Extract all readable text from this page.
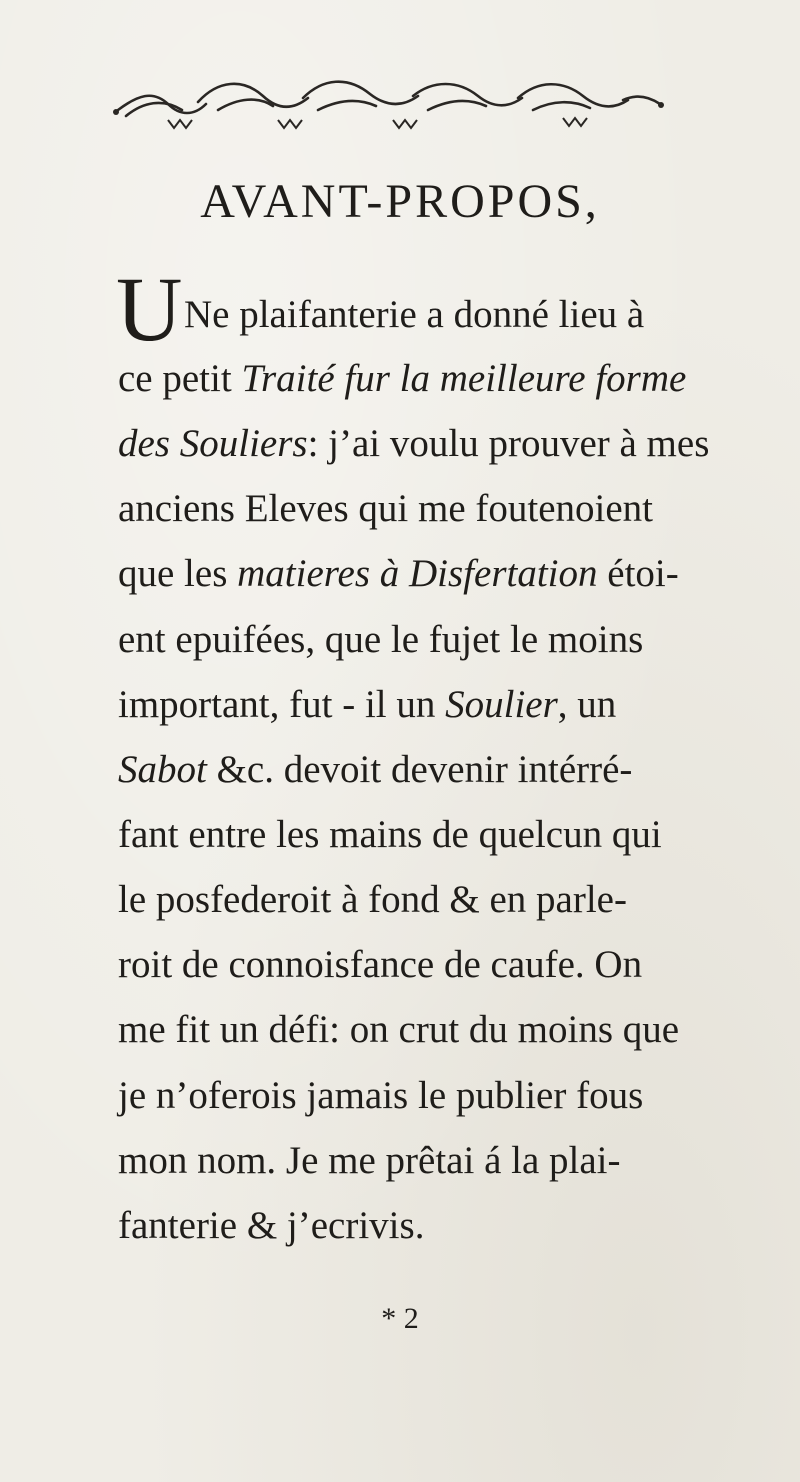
AVANT-PROPOS,
U Ne plaifanterie a donné lieu à
ce petit Traité fur la meilleure forme
des Souliers: j’ai voulu prouver à mes
anciens Eleves qui me foutenoient
que les matieres à Disfertation étoi-
ent epuifées, que le fujet le moins
important, fut - il un Soulier, un
Sabot &c. devoit devenir intérré-
fant entre les mains de quelcun qui
le posfederoit à fond & en parle-
roit de connoisfance de caufe. On
me fit un défi: on crut du moins que
je n’oferois jamais le publier fous
mon nom. Je me prêtai á la plai-
fanterie & j’ecrivis.
* 2
